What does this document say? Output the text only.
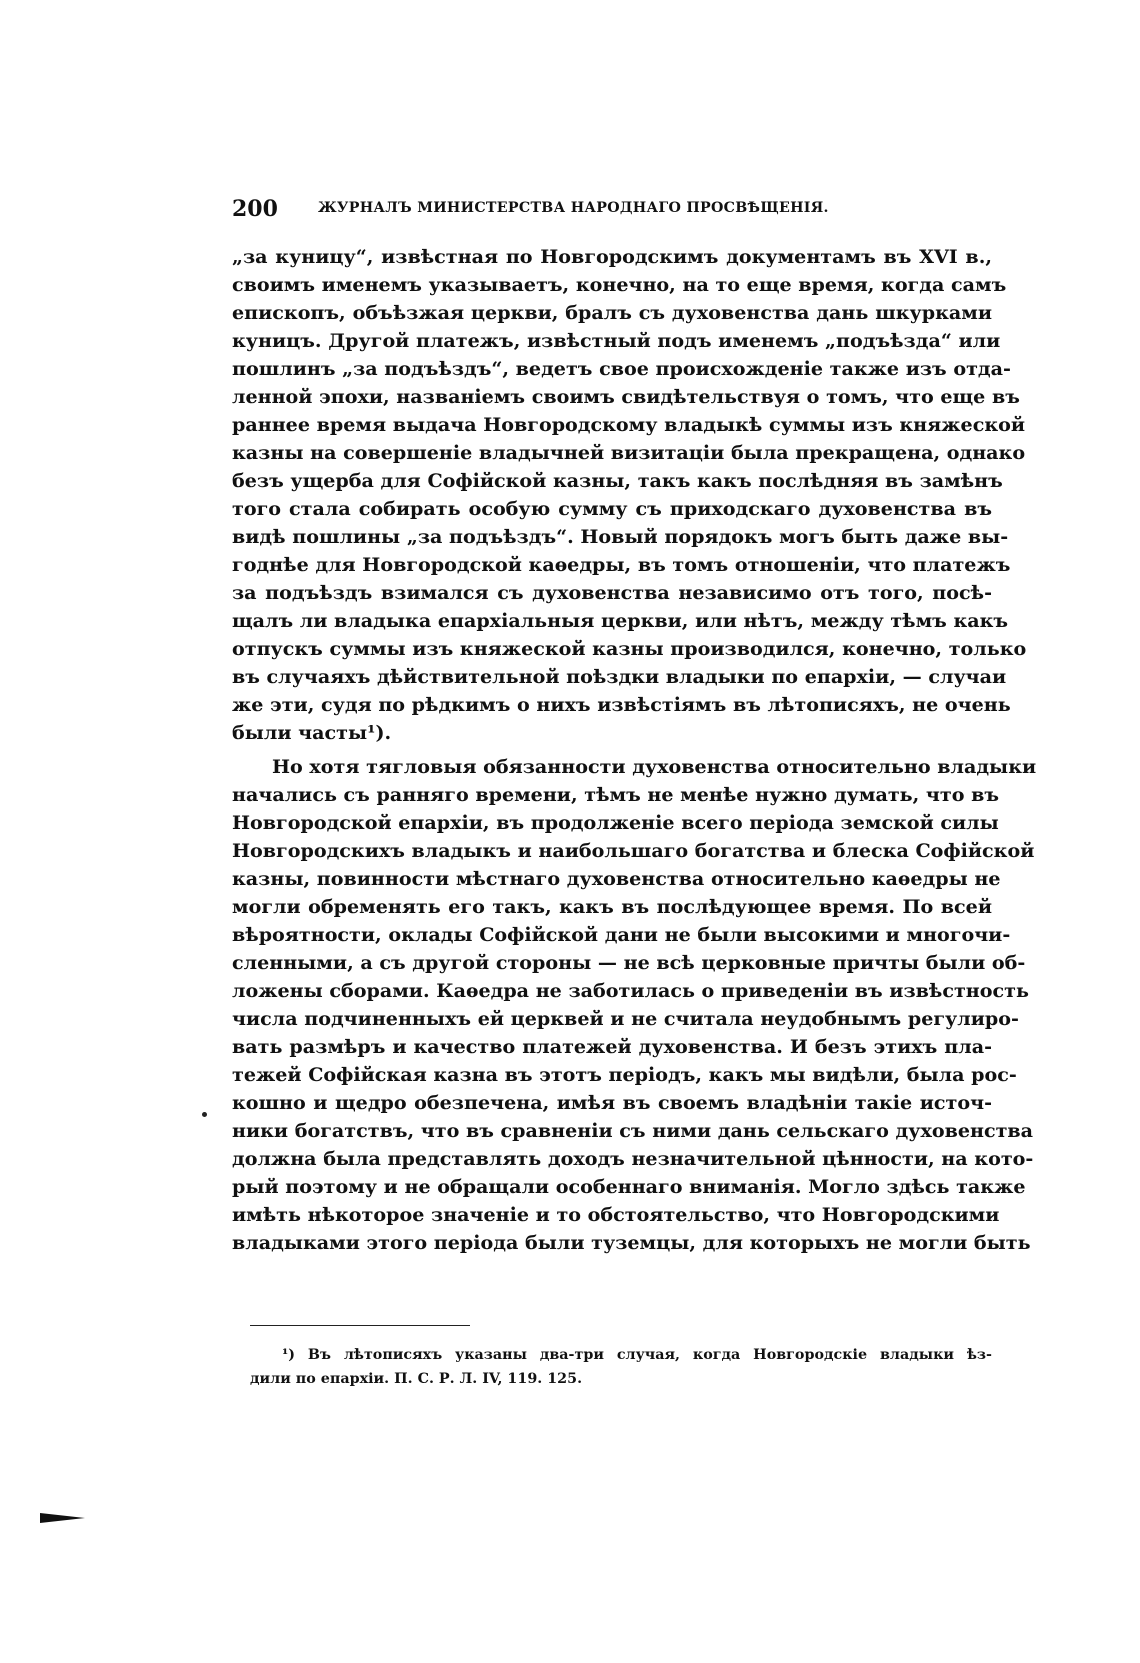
200	ЖУРНАЛЪ МИНИСТЕРСТВА НАРОДНАГО ПРОСВѢЩЕНІЯ.
„за куницу“, извѣстная по Новгородскимъ документамъ въ XVI в.,
своимъ именемъ указываетъ, конечно, на то еще время, когда самъ
епископъ, объѣзжая церкви, бралъ съ духовенства дань шкурками
куницъ. Другой платежъ, извѣстный подъ именемъ „подъѣзда“ или
пошлинъ „за подъѣздъ“, ведетъ свое происхожденіе также изъ отда-
ленной эпохи, названіемъ своимъ свидѣтельствуя о томъ, что еще въ
раннее время выдача Новгородскому владыкѣ суммы изъ княжеской
казны на совершеніе владычней визитаціи была прекращена, однако
безъ ущерба для Софійской казны, такъ какъ послѣдняя въ замѣнъ
того стала собирать особую сумму съ приходскаго духовенства въ
видѣ пошлины „за подъѣздъ“. Новый порядокъ могъ быть даже вы-
годнѣе для Новгородской каѳедры, въ томъ отношеніи, что платежъ
за подъѣздъ взимался съ духовенства независимо отъ того, посѣ-
щалъ ли владыка епархіальныя церкви, или нѣтъ, между тѣмъ какъ
отпускъ суммы изъ княжеской казны производился, конечно, только
въ случаяхъ дѣйствительной поѣздки владыки по епархіи, — случаи
же эти, судя по рѣдкимъ о нихъ извѣстіямъ въ лѣтописяхъ, не очень
были часты¹).
Но хотя тягловыя обязанности духовенства относительно владыки
начались съ ранняго времени, тѣмъ не менѣе нужно думать, что въ
Новгородской епархіи, въ продолженіе всего періода земской силы
Новгородскихъ владыкъ и наибольшаго богатства и блеска Софійской
казны, повинности мѣстнаго духовенства относительно каѳедры не
могли обременять его такъ, какъ въ послѣдующее время. По всей
вѣроятности, оклады Софійской дани не были высокими и многочи-
сленными, а съ другой стороны — не всѣ церковные причты были об-
ложены сборами. Каѳедра не заботилась о приведеніи въ извѣстность
числа подчиненныхъ ей церквей и не считала неудобнымъ регулиро-
вать размѣръ и качество платежей духовенства. И безъ этихъ пла-
тежей Софійская казна въ этотъ періодъ, какъ мы видѣли, была рос-
кошно и щедро обезпечена, имѣя въ своемъ владѣніи такіе источ-
ники богатствъ, что въ сравненіи съ ними дань сельскаго духовенства
должна была представлять доходъ незначительной цѣнности, на кото-
рый поэтому и не обращали особеннаго вниманія. Могло здѣсь также
имѣть нѣкоторое значеніе и то обстоятельство, что Новгородскими
владыками этого періода были туземцы, для которыхъ не могли быть
¹) Въ лѣтописяхъ указаны два-три случая, когда Новгородскіе владыки ѣз-
дили по епархіи. П. С. Р. Л. IV, 119. 125.
